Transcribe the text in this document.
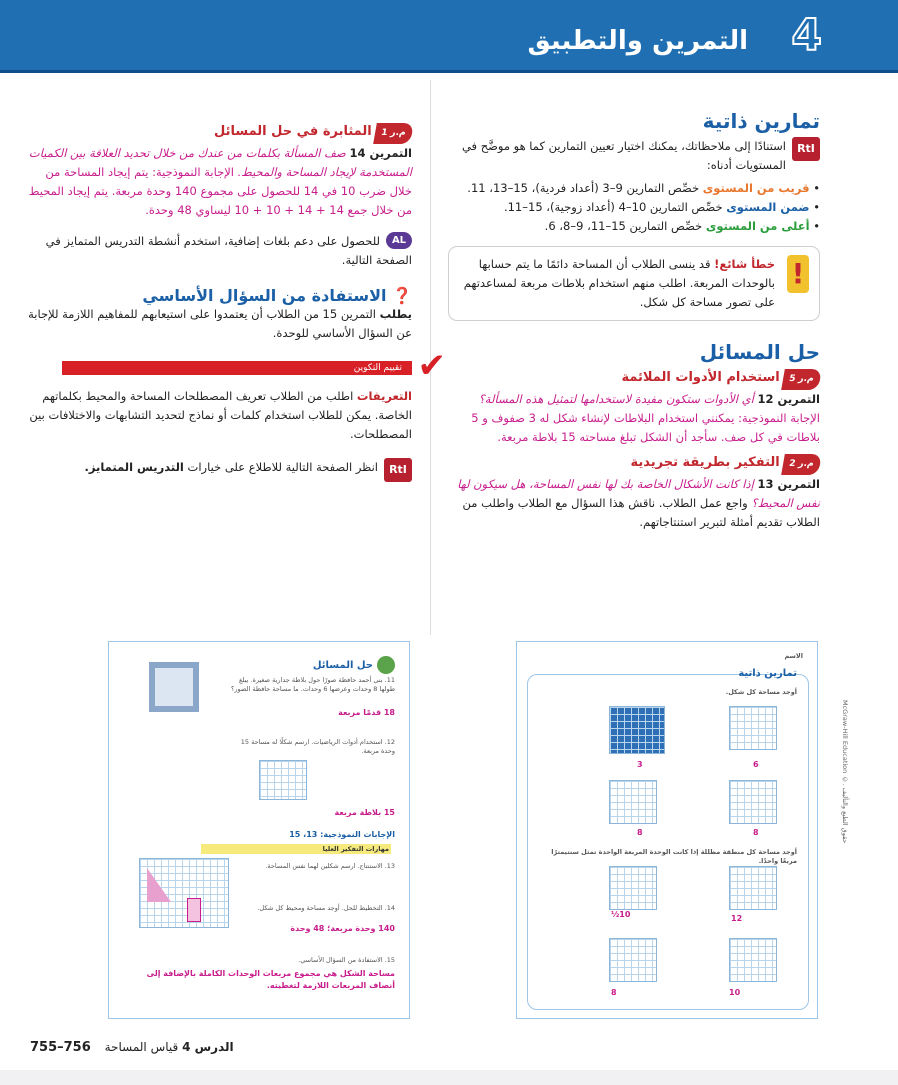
4
التمرين والتطبيق
تمارين ذاتية
RtI
استنادًا إلى ملاحظاتك، يمكنك اختيار تعيين التمارين كما هو موضَّح في المستويات أدناه:
• قريب من المستوى خصِّص التمارين 9–3 (أعداد فردية)، 15–13، 11.
• ضمن المستوى خصِّص التمارين 10–4 (أعداد زوجية)، 15–11.
• أعلى من المستوى خصِّص التمارين 15–11، 9–8، 6.
!
خطأ شائع! قد ينسى الطلاب أن المساحة دائمًا ما يتم حسابها بالوحدات المربعة. اطلب منهم استخدام بلاطات مربعة لمساعدتهم على تصور مساحة كل شكل.
حل المسائل
م.ر 5 استخدام الأدوات الملائمة
التمرين 12 أي الأدوات ستكون مفيدة لاستخدامها لتمثيل هذه المسألة؟
الإجابة النموذجية: يمكنني استخدام البلاطات لإنشاء شكل له 3 صفوف و 5 بلاطات في كل صف. سأجد أن الشكل تبلغ مساحته 15 بلاطة مربعة.
م.ر 2 التفكير بطريقة تجريدية
التمرين 13 إذا كانت الأشكال الخاصة بك لها نفس المساحة، هل سيكون لها نفس المحيط؟ واجع عمل الطلاب. ناقش هذا السؤال مع الطلاب واطلب من الطلاب تقديم أمثلة لتبرير استنتاجاتهم.
م.ر 1 المثابرة في حل المسائل
التمرين 14 صف المسألة بكلمات من عندك من خلال تحديد العلاقة بين الكميات المستخدمة لإيجاد المساحة والمحيط. الإجابة النموذجية: يتم إيجاد المساحة من خلال ضرب 10 في 14 للحصول على مجموع 140 وحدة مربعة. يتم إيجاد المحيط من خلال جمع 14 + 14 + 10 + 10 ليساوي 48 وحدة.
AL
للحصول على دعم بلغات إضافية، استخدم أنشطة التدريس المتمايز في الصفحة التالية.
❓ الاستفادة من السؤال الأساسي
يطلب التمرين 15 من الطلاب أن يعتمدوا على استيعابهم للمفاهيم اللازمة للإجابة عن السؤال الأساسي للوحدة.
تقييم التكوين ✔
التعريفات اطلب من الطلاب تعريف المصطلحات المساحة والمحيط بكلماتهم الخاصة. يمكن للطلاب استخدام كلمات أو نماذج لتحديد التشابهات والاختلافات بين المصطلحات.
RtI
انظر الصفحة التالية للاطلاع على خيارات التدريس المتمايز.
حل المسائل
11. بنى أحمد حافظة صورًا حول بلاطة جدارية صغيرة. يبلغ طولها 8 وحدات وعرضها 6 وحدات. ما مساحة حافظة الصور؟
18 قدمًا مربعة
12. استخدام أدوات الرياضيات. ارسم شكلًا له مساحة 15 وحدة مربعة.
15 بلاطة مربعة
الإجابات النموذجية: 13، 15
مهارات التفكير العليا
13. الاستنتاج. ارسم شكلين لهما نفس المساحة.
14. التخطيط للحل. أوجد مساحة ومحيط كل شكل.
140 وحدة مربعة؛ 48 وحدة
15. الاستفادة من السؤال الأساسي.
مساحة الشكل هي مجموع مربعات الوحدات الكاملة بالإضافة إلى أنصاف المربعات اللازمة لتغطيته.
الاسم
تمارين ذاتية
أوجد مساحة كل شكل.
3	6
8	8
أوجد مساحة كل منطقة مظللة إذا كانت الوحدة المربعة الواحدة تمثل سنتيمترًا مربعًا واحدًا.
10½	12
8	10
McGraw-Hill Education ©. حقوق الطبع والتأليف
الدرس 4 قياس المساحة 755–756
